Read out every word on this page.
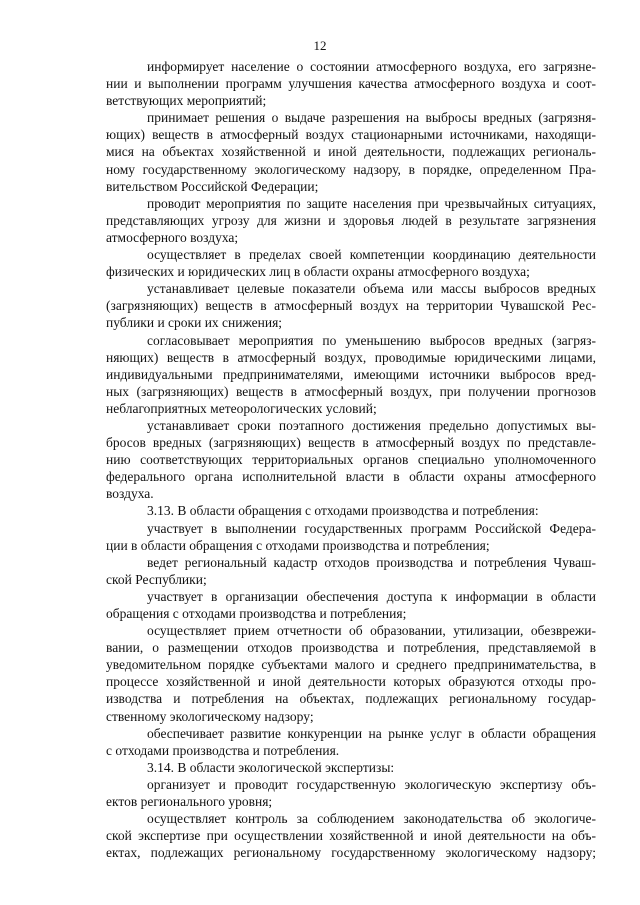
12
информирует население о состоянии атмосферного воздуха, его загрязне-
нии и выполнении программ улучшения качества атмосферного воздуха и соот-
ветствующих мероприятий;
принимает решения о выдаче разрешения на выбросы вредных (загрязня-
ющих) веществ в атмосферный воздух стационарными источниками, находящи-
мися на объектах хозяйственной и иной деятельности, подлежащих региональ-
ному государственному экологическому надзору, в порядке, определенном Пра-
вительством Российской Федерации;
проводит мероприятия по защите населения при чрезвычайных ситуациях,
представляющих угрозу для жизни и здоровья людей в результате загрязнения
атмосферного воздуха;
осуществляет в пределах своей компетенции координацию деятельности
физических и юридических лиц в области охраны атмосферного воздуха;
устанавливает целевые показатели объема или массы выбросов вредных
(загрязняющих) веществ в атмосферный воздух на территории Чувашской Рес-
публики и сроки их снижения;
согласовывает мероприятия по уменьшению выбросов вредных (загряз-
няющих) веществ в атмосферный воздух, проводимые юридическими лицами,
индивидуальными предпринимателями, имеющими источники выбросов вред-
ных (загрязняющих) веществ в атмосферный воздух, при получении прогнозов
неблагоприятных метеорологических условий;
устанавливает сроки поэтапного достижения предельно допустимых вы-
бросов вредных (загрязняющих) веществ в атмосферный воздух по представле-
нию соответствующих территориальных органов специально уполномоченного
федерального органа исполнительной власти в области охраны атмосферного
воздуха.
3.13. В области обращения с отходами производства и потребления:
участвует в выполнении государственных программ Российской Федера-
ции в области обращения с отходами производства и потребления;
ведет региональный кадастр отходов производства и потребления Чуваш-
ской Республики;
участвует в организации обеспечения доступа к информации в области
обращения с отходами производства и потребления;
осуществляет прием отчетности об образовании, утилизации, обезврежи-
вании, о размещении отходов производства и потребления, представляемой в
уведомительном порядке субъектами малого и среднего предпринимательства, в
процессе хозяйственной и иной деятельности которых образуются отходы про-
изводства и потребления на объектах, подлежащих региональному государ-
ственному экологическому надзору;
обеспечивает развитие конкуренции на рынке услуг в области обращения
с отходами производства и потребления.
3.14. В области экологической экспертизы:
организует и проводит государственную экологическую экспертизу объ-
ектов регионального уровня;
осуществляет контроль за соблюдением законодательства об экологиче-
ской экспертизе при осуществлении хозяйственной и иной деятельности на объ-
ектах, подлежащих региональному государственному экологическому надзору;
